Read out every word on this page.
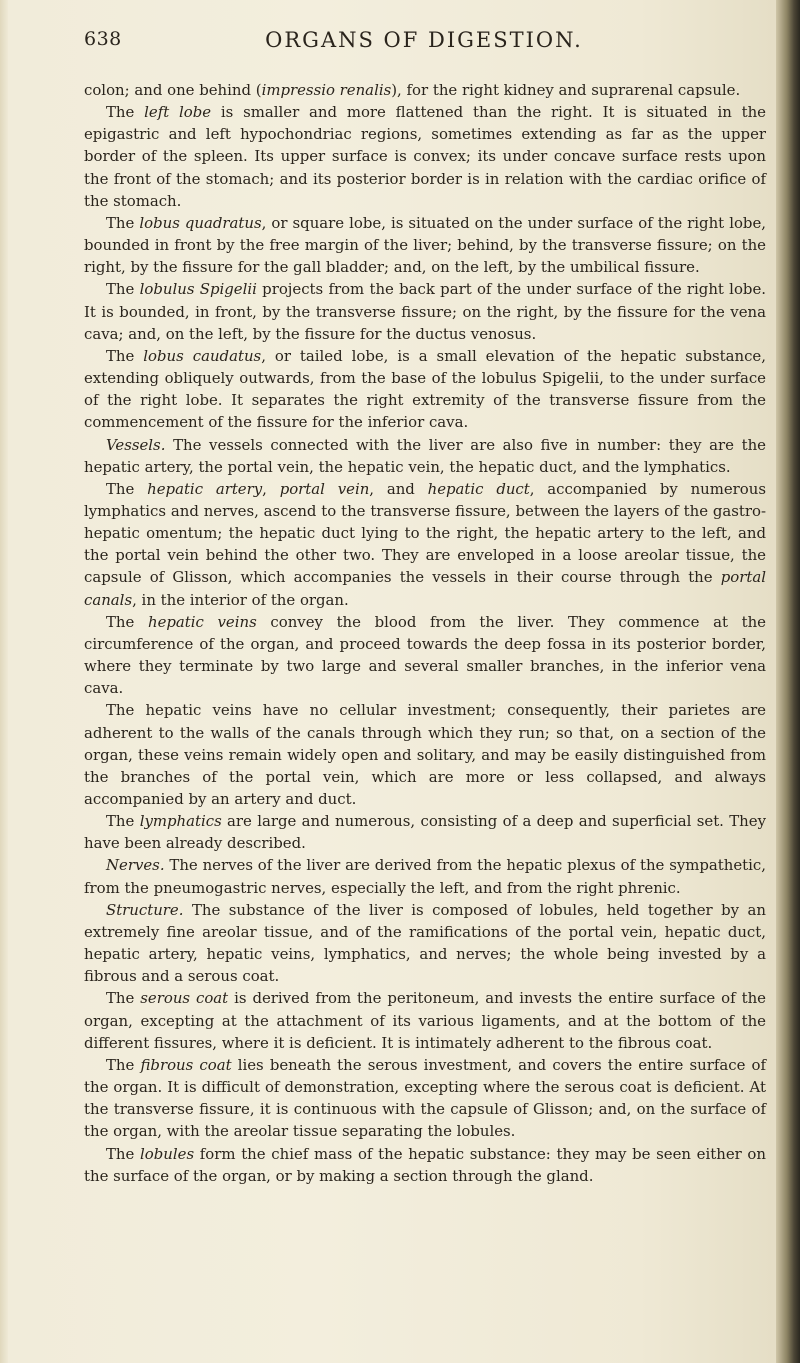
638	ORGANS OF DIGESTION.

colon; and one behind (impressio renalis), for the right kidney and suprarenal capsule.

The left lobe is smaller and more flattened than the right. It is situated in the epigastric and left hypochondriac regions, sometimes extending as far as the upper border of the spleen. Its upper surface is convex; its under concave surface rests upon the front of the stomach; and its posterior border is in relation with the cardiac orifice of the stomach.

The lobus quadratus, or square lobe, is situated on the under surface of the right lobe, bounded in front by the free margin of the liver; behind, by the transverse fissure; on the right, by the fissure for the gall bladder; and, on the left, by the umbilical fissure.

The lobulus Spigelii projects from the back part of the under surface of the right lobe. It is bounded, in front, by the transverse fissure; on the right, by the fissure for the vena cava; and, on the left, by the fissure for the ductus venosus.

The lobus caudatus, or tailed lobe, is a small elevation of the hepatic substance, extending obliquely outwards, from the base of the lobulus Spigelii, to the under surface of the right lobe. It separates the right extremity of the transverse fissure from the commencement of the fissure for the inferior cava.

Vessels. The vessels connected with the liver are also five in number: they are the hepatic artery, the portal vein, the hepatic vein, the hepatic duct, and the lymphatics.

The hepatic artery, portal vein, and hepatic duct, accompanied by numerous lymphatics and nerves, ascend to the transverse fissure, between the layers of the gastro-hepatic omentum; the hepatic duct lying to the right, the hepatic artery to the left, and the portal vein behind the other two. They are enveloped in a loose areolar tissue, the capsule of Glisson, which accompanies the vessels in their course through the portal canals, in the interior of the organ.

The hepatic veins convey the blood from the liver. They commence at the circumference of the organ, and proceed towards the deep fossa in its posterior border, where they terminate by two large and several smaller branches, in the inferior vena cava.

The hepatic veins have no cellular investment; consequently, their parietes are adherent to the walls of the canals through which they run; so that, on a section of the organ, these veins remain widely open and solitary, and may be easily distinguished from the branches of the portal vein, which are more or less collapsed, and always accompanied by an artery and duct.

The lymphatics are large and numerous, consisting of a deep and superficial set. They have been already described.

Nerves. The nerves of the liver are derived from the hepatic plexus of the sympathetic, from the pneumogastric nerves, especially the left, and from the right phrenic.

Structure. The substance of the liver is composed of lobules, held together by an extremely fine areolar tissue, and of the ramifications of the portal vein, hepatic duct, hepatic artery, hepatic veins, lymphatics, and nerves; the whole being invested by a fibrous and a serous coat.

The serous coat is derived from the peritoneum, and invests the entire surface of the organ, excepting at the attachment of its various ligaments, and at the bottom of the different fissures, where it is deficient. It is intimately adherent to the fibrous coat.

The fibrous coat lies beneath the serous investment, and covers the entire surface of the organ. It is difficult of demonstration, excepting where the serous coat is deficient. At the transverse fissure, it is continuous with the capsule of Glisson; and, on the surface of the organ, with the areolar tissue separating the lobules.

The lobules form the chief mass of the hepatic substance: they may be seen either on the surface of the organ, or by making a section through the gland.
